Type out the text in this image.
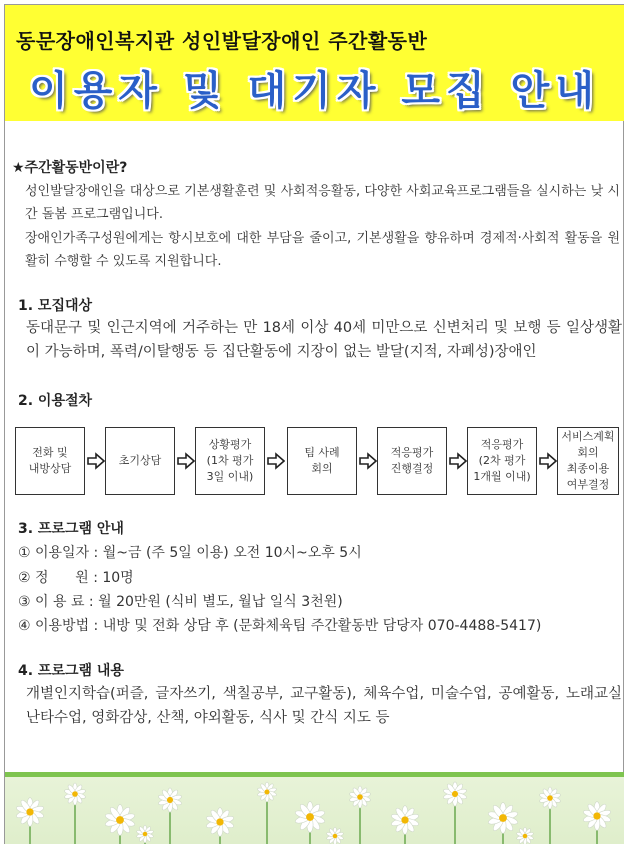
동문장애인복지관 성인발달장애인 주간활동반
이용자 및 대기자 모집 안내
★주간활동반이란?
성인발달장애인을 대상으로 기본생활훈련 및 사회적응활동, 다양한 사회교육프로그램들을 실시하는 낮 시간 돌봄 프로그램입니다.
장애인가족구성원에게는 항시보호에 대한 부담을 줄이고, 기본생활을 향유하며 경제적·사회적 활동을 원활히 수행할 수 있도록 지원합니다.
1. 모집대상
동대문구 및 인근지역에 거주하는 만 18세 이상 40세 미만으로 신변처리 및 보행 등 일상생활이 가능하며, 폭력/이탈행동 등 집단활동에 지장이 없는 발달(지적, 자폐성)장애인
2. 이용절차
전화 및
내방상담
초기상담
상황평가
(1차 평가
3일 이내)
팀 사례
회의
적응평가
진행결정
적응평가
(2차 평가
1개월 이내)
서비스계획
회의
최종이용
여부결정
3. 프로그램 안내
① 이용일자 : 월~금 (주 5일 이용) 오전 10시~오후 5시
② 정      원 : 10명
③ 이 용 료 : 월 20만원 (식비 별도, 월납 일식 3천원)
④ 이용방법 : 내방 및 전화 상담 후 (문화체육팀 주간활동반 담당자 070-4488-5417)
4. 프로그램 내용
개별인지학습(퍼즐, 글자쓰기, 색칠공부, 교구활동), 체육수업, 미술수업, 공예활동, 노래교실 난타수업, 영화감상, 산책, 야외활동, 식사 및 간식 지도 등
